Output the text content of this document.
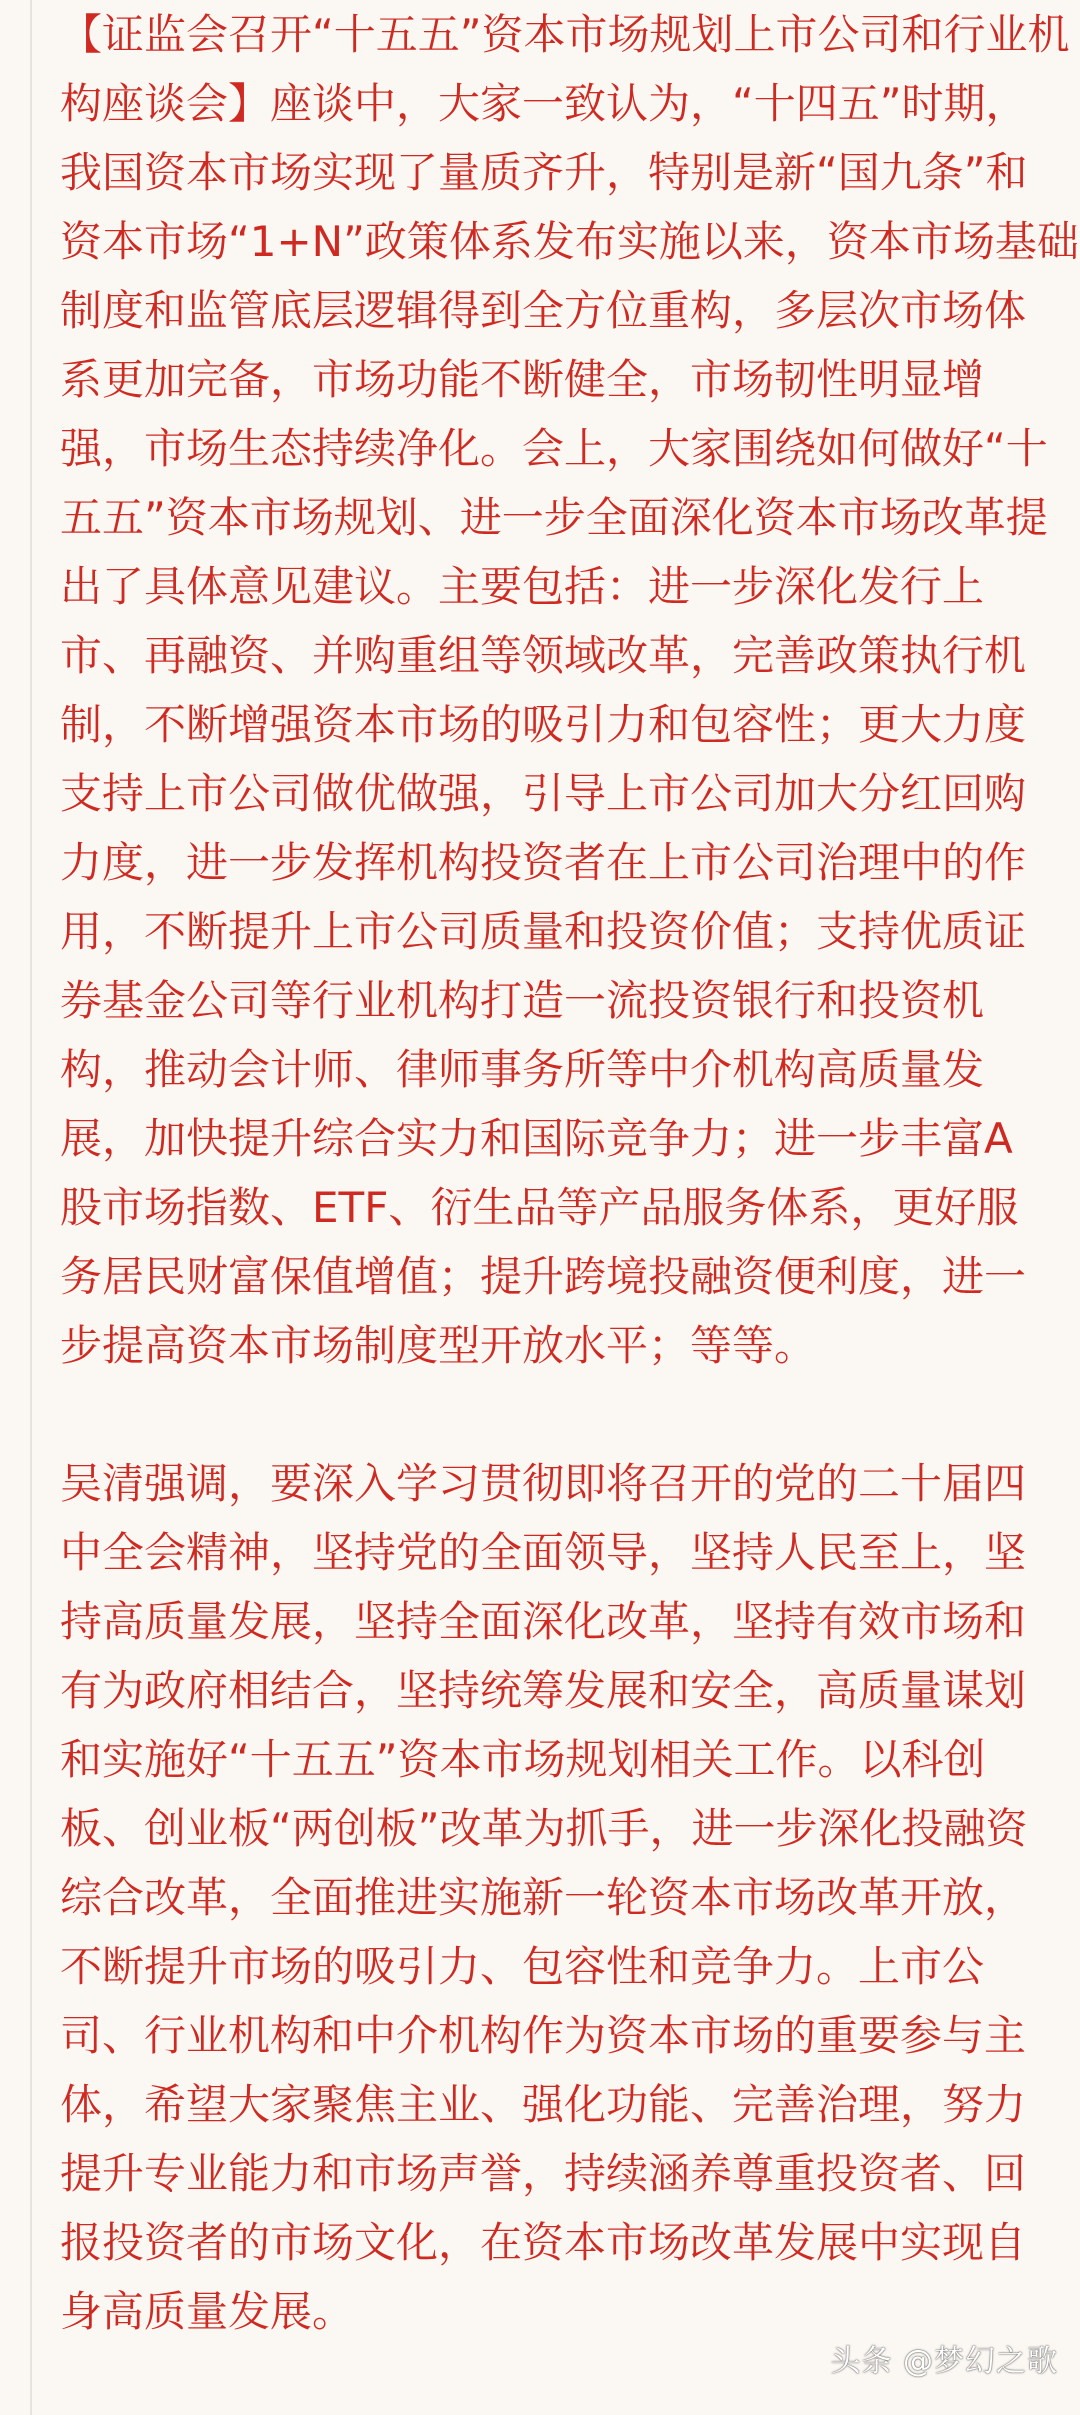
【证监会召开“十五五”资本市场规划上市公司和行业机
构座谈会】座谈中，大家一致认为，“十四五”时期，
我国资本市场实现了量质齐升，特别是新“国九条”和
资本市场“1+N”政策体系发布实施以来，资本市场基础
制度和监管底层逻辑得到全方位重构，多层次市场体
系更加完备，市场功能不断健全，市场韧性明显增
强，市场生态持续净化。会上，大家围绕如何做好“十
五五”资本市场规划、进一步全面深化资本市场改革提
出了具体意见建议。主要包括：进一步深化发行上
市、再融资、并购重组等领域改革，完善政策执行机
制，不断增强资本市场的吸引力和包容性；更大力度
支持上市公司做优做强，引导上市公司加大分红回购
力度，进一步发挥机构投资者在上市公司治理中的作
用，不断提升上市公司质量和投资价值；支持优质证
券基金公司等行业机构打造一流投资银行和投资机
构，推动会计师、律师事务所等中介机构高质量发
展，加快提升综合实力和国际竞争力；进一步丰富A
股市场指数、ETF、衍生品等产品服务体系，更好服
务居民财富保值增值；提升跨境投融资便利度，进一
步提高资本市场制度型开放水平；等等。
吴清强调，要深入学习贯彻即将召开的党的二十届四
中全会精神，坚持党的全面领导，坚持人民至上，坚
持高质量发展，坚持全面深化改革，坚持有效市场和
有为政府相结合，坚持统筹发展和安全，高质量谋划
和实施好“十五五”资本市场规划相关工作。以科创
板、创业板“两创板”改革为抓手，进一步深化投融资
综合改革，全面推进实施新一轮资本市场改革开放，
不断提升市场的吸引力、包容性和竞争力。上市公
司、行业机构和中介机构作为资本市场的重要参与主
体，希望大家聚焦主业、强化功能、完善治理，努力
提升专业能力和市场声誉，持续涵养尊重投资者、回
报投资者的市场文化，在资本市场改革发展中实现自
身高质量发展。
头条 @梦幻之歌
